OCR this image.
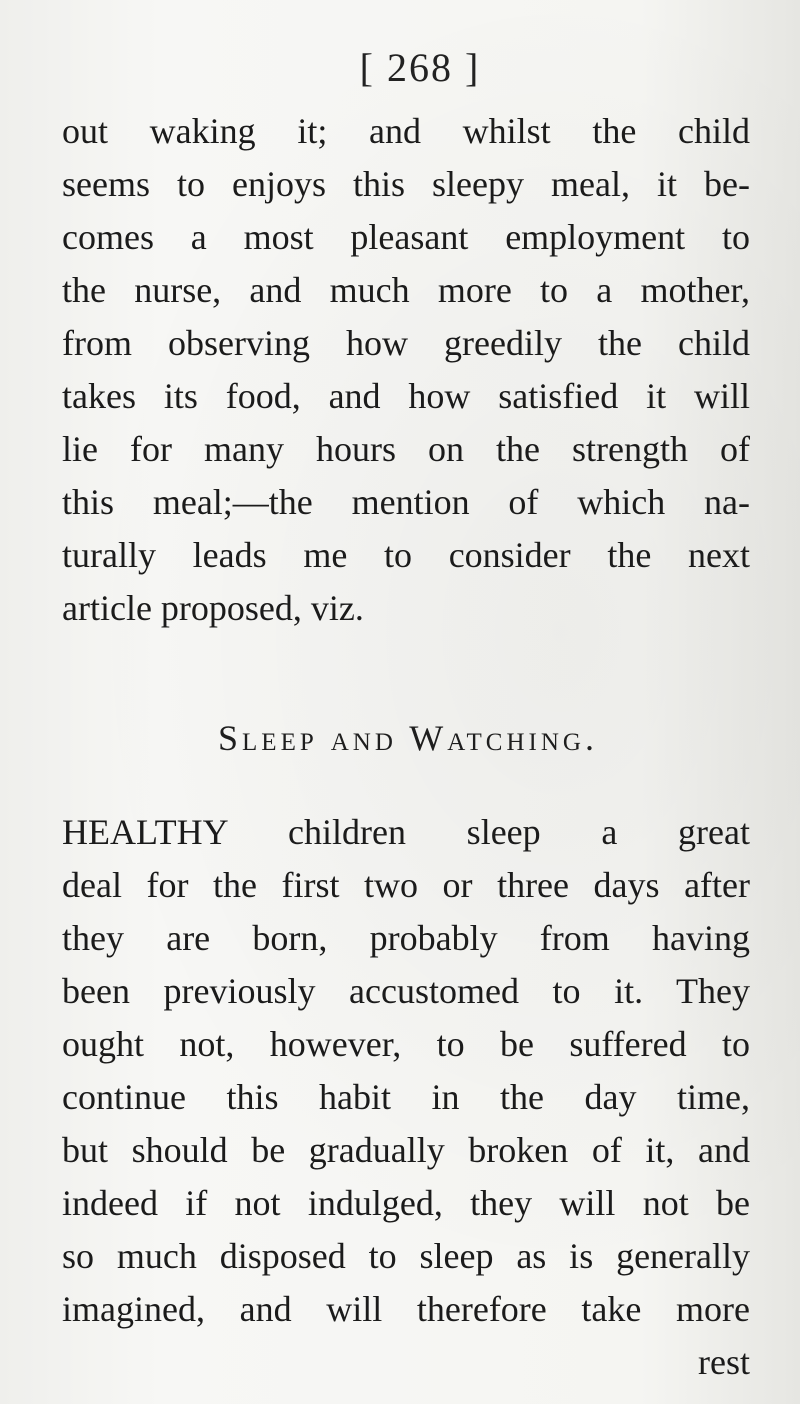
[ 268 ]
out waking it; and whilst the child
seems to enjoys this sleepy meal, it be-
comes a most pleasant employment to
the nurse, and much more to a mother,
from observing how greedily the child
takes its food, and how satisfied it will
lie for many hours on the strength of
this meal;—the mention of which na-
turally leads me to consider the next
article proposed, viz.
Sleep and Watching.
HEALTHY children sleep a great
deal for the first two or three days after
they are born, probably from having
been previously accustomed to it. They
ought not, however, to be suffered to
continue this habit in the day time,
but should be gradually broken of it, and
indeed if not indulged, they will not be
so much disposed to sleep as is generally
imagined, and will therefore take more
rest
